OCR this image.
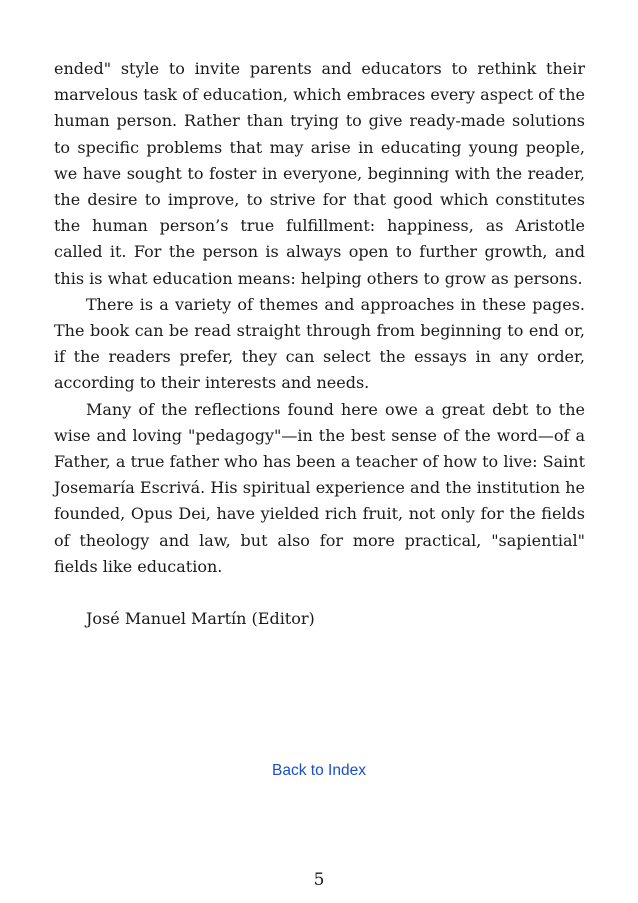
ended" style to invite parents and educators to rethink their marvelous task of education, which embraces every aspect of the human person. Rather than trying to give ready-made solutions to specific problems that may arise in educating young people, we have sought to foster in everyone, beginning with the reader, the desire to improve, to strive for that good which constitutes the human person’s true fulfillment: happiness, as Aristotle called it. For the person is always open to further growth, and this is what education means: helping others to grow as persons.

There is a variety of themes and approaches in these pages. The book can be read straight through from beginning to end or, if the readers prefer, they can select the essays in any order, according to their interests and needs.

Many of the reflections found here owe a great debt to the wise and loving "pedagogy"—in the best sense of the word—of a Father, a true father who has been a teacher of how to live: Saint Josemaría Escrivá. His spiritual experience and the institution he founded, Opus Dei, have yielded rich fruit, not only for the fields of theology and law, but also for more practical, "sapiential" fields like education.

José Manuel Martín (Editor)

Back to Index
5
